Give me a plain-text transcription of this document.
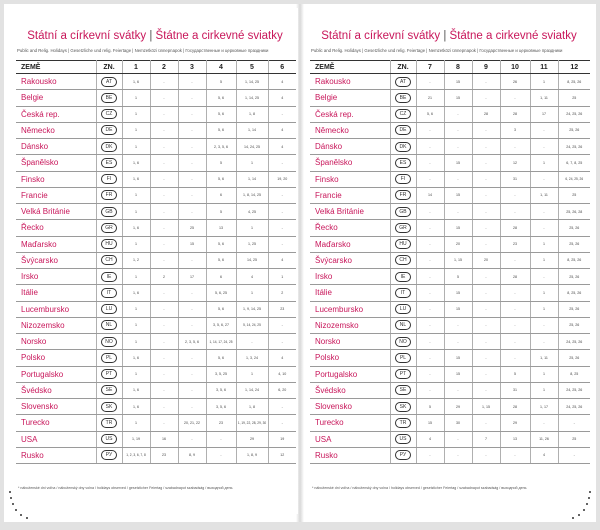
Státní a církevní svátky | Štátne a cirkevné sviatky
Public and Relig. Holidays | Gesetzliche und relig. Feiertage | Nemzetközi ünnepnapok | Государственные и церковные праздники
ZEMĚ	ZN.	1	2	3	4	5	6
Rakousko	AT	1, 6	-	-	5	1, 14, 25	4
Belgie	BE	1	-	-	5, 6	1, 14, 25	4
Česká rep.	CZ	1	-	-	5, 6	1, 8	-
Německo	DE	1	-	-	5, 6	1, 14	4
Dánsko	DK	1	-	-	2, 3, 5, 6	14, 24, 25	4
Španělsko	ES	1, 6	-	-	5	1	-
Finsko	FI	1, 6	-	-	5, 6	1, 14	19, 20
Francie	FR	1	-	-	6	1, 8, 14, 25	-
Velká Británie	GB	1	-	-	5	4, 25	-
Řecko	GR	1, 6	-	25	13	1	-
Maďarsko	HU	1	-	15	5, 6	1, 25	-
Švýcarsko	CH	1, 2	-	-	5, 6	14, 25	4
Irsko	IE	1	2	17	6	4	1
Itálie	IT	1, 6	-	-	5, 6, 25	1	2
Lucembursko	LU	1	-	-	5, 6	1, 9, 14, 25	23
Nizozemsko	NL	1	-	-	3, 5, 6, 27	5, 14, 24, 25	-
Norsko	NO	1	-	2, 3, 5, 6	1, 14, 17, 24, 25	-	-
Polsko	PL	1, 6	-	-	5, 6	1, 3, 24	4
Portugalsko	PT	1	-	-	3, 5, 25	1	4, 10
Švédsko	SE	1, 6	-	-	3, 5, 6	1, 14, 24	6, 20
Slovensko	SK	1, 6	-	-	3, 5, 6	1, 8	-
Turecko	TR	1	-	20, 21, 22	23	1, 19, 22, 28, 29, 30	-
USA	US	1, 19	16	-	-	29	19
Rusko	РУ	1, 2, 3, 6, 7, 8	23	8, 9	-	1, 8, 9	12
* náboženské dni voľna / náboženský dny volna / holidays observed / gesetzlicher Feiertag / szabadnapot szabadság / выходной день
Státní a církevní svátky | Štátne a cirkevné sviatky
Public and Relig. Holidays | Gesetzliche und relig. Feiertage | Nemzetközi ünnepnapok | Государственные и церковные праздники
ZEMĚ	ZN.	7	8	9	10	11	12
Rakousko	AT	-	15	-	26	1	8, 25, 26
Belgie	BE	21	15	-	-	1, 11	25
Česká rep.	CZ	5, 6	-	28	28	17	24, 25, 26
Německo	DE	-	-	-	3	-	25, 26
Dánsko	DK	-	-	-	-	-	24, 25, 26
Španělsko	ES	-	15	-	12	1	6, 7, 8, 25
Finsko	FI	-	-	-	31	-	6, 24, 25, 26
Francie	FR	14	15	-	-	1, 11	25
Velká Británie	GB	-	-	-	-	-	25, 26, 28
Řecko	GR	-	15	-	28	-	25, 26
Maďarsko	HU	-	20	-	23	1	25, 26
Švýcarsko	CH	-	1, 15	20	-	1	8, 25, 26
Irsko	IE	-	5	-	28	-	25, 26
Itálie	IT	-	15	-	-	1	8, 25, 26
Lucembursko	LU	-	15	-	-	1	25, 26
Nizozemsko	NL	-	-	-	-	-	25, 26
Norsko	NO	-	-	-	-	-	24, 25, 26
Polsko	PL	-	15	-	-	1, 11	25, 26
Portugalsko	PT	-	15	-	5	1	8, 25
Švédsko	SE	-	-	-	31	1	24, 25, 26
Slovensko	SK	5	29	1, 15	28	1, 17	24, 25, 26
Turecko	TR	15	30	-	29	-	-
USA	US	4	-	7	13	11, 26	25
Rusko	РУ	-	-	-	-	4	-
* náboženské dni voľna / náboženský dny volna / holidays observed / gesetzlicher Feiertag / szabadnapot szabadság / выходной день
